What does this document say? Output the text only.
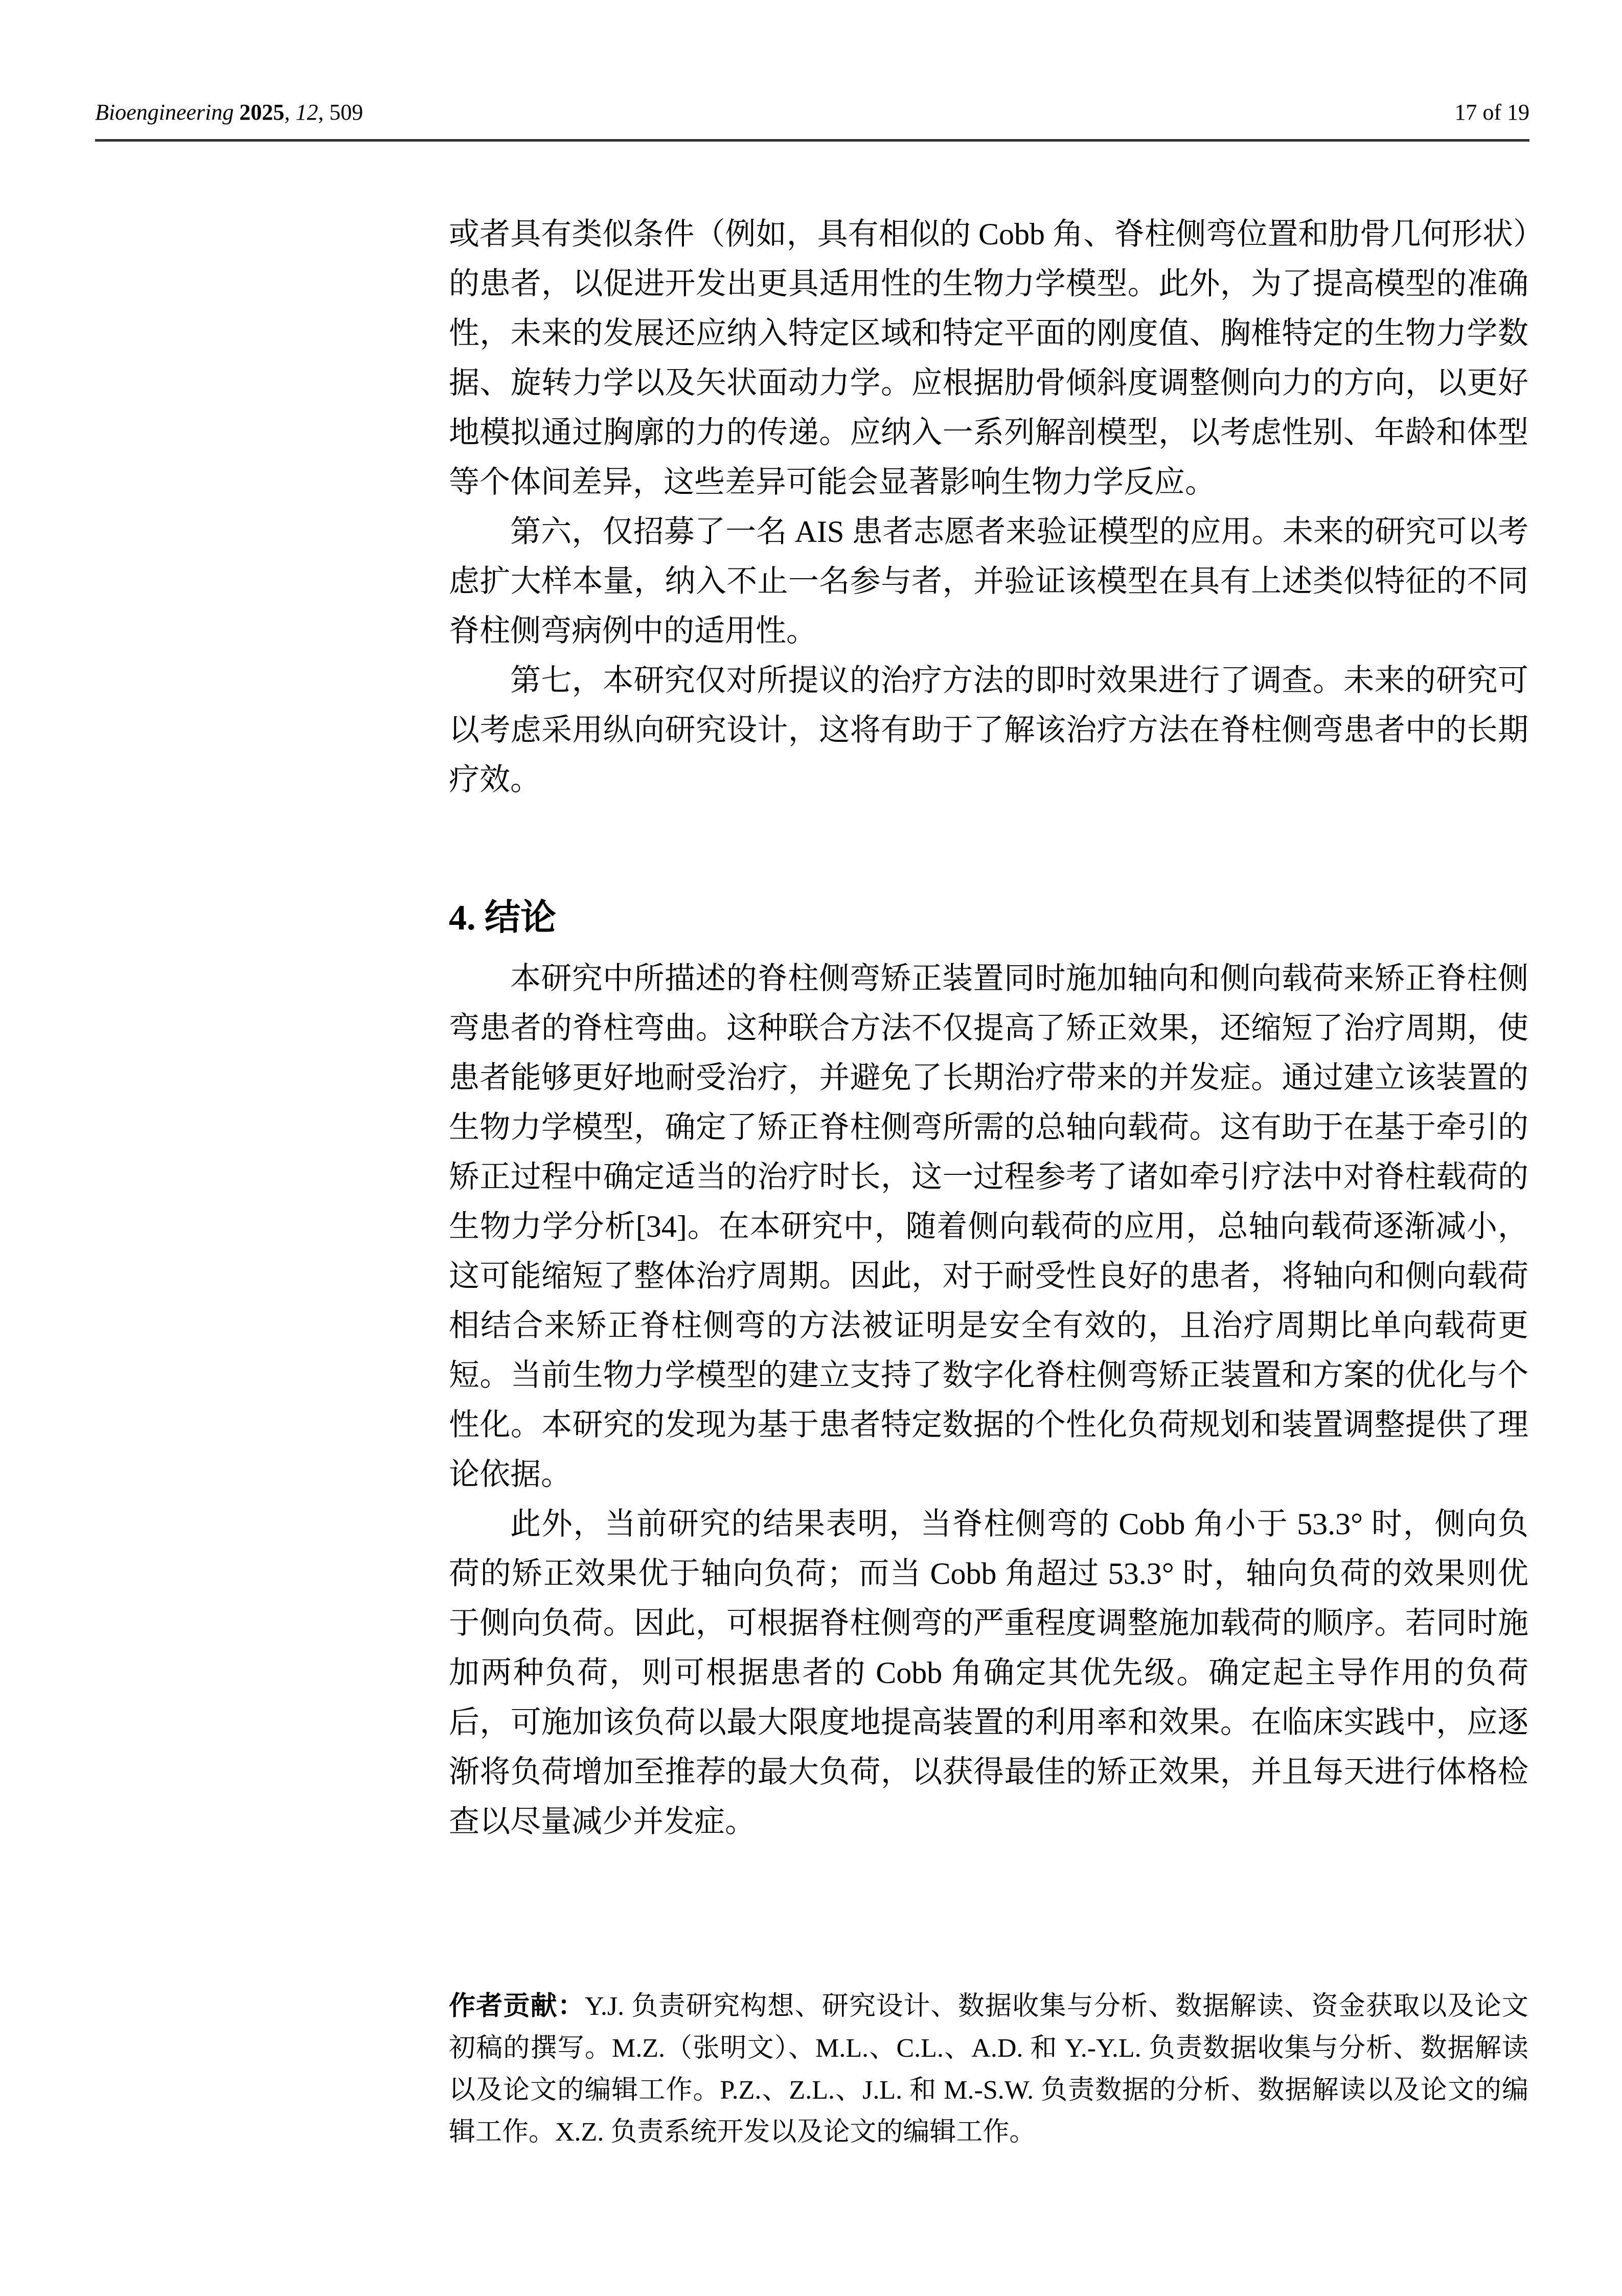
Bioengineering 2025, 12, 509	17 of 19

或者具有类似条件（例如，具有相似的 Cobb 角、脊柱侧弯位置和肋骨几何形状）的患者，以促进开发出更具适用性的生物力学模型。此外，为了提高模型的准确性，未来的发展还应纳入特定区域和特定平面的刚度值、胸椎特定的生物力学数据、旋转力学以及矢状面动力学。应根据肋骨倾斜度调整侧向力的方向，以更好地模拟通过胸廓的力的传递。应纳入一系列解剖模型，以考虑性别、年龄和体型等个体间差异，这些差异可能会显著影响生物力学反应。

第六，仅招募了一名 AIS 患者志愿者来验证模型的应用。未来的研究可以考虑扩大样本量，纳入不止一名参与者，并验证该模型在具有上述类似特征的不同脊柱侧弯病例中的适用性。

第七，本研究仅对所提议的治疗方法的即时效果进行了调查。未来的研究可以考虑采用纵向研究设计，这将有助于了解该治疗方法在脊柱侧弯患者中的长期疗效。

4. 结论

本研究中所描述的脊柱侧弯矫正装置同时施加轴向和侧向载荷来矫正脊柱侧弯患者的脊柱弯曲。这种联合方法不仅提高了矫正效果，还缩短了治疗周期，使患者能够更好地耐受治疗，并避免了长期治疗带来的并发症。通过建立该装置的生物力学模型，确定了矫正脊柱侧弯所需的总轴向载荷。这有助于在基于牵引的矫正过程中确定适当的治疗时长，这一过程参考了诸如牵引疗法中对脊柱载荷的生物力学分析[34]。在本研究中，随着侧向载荷的应用，总轴向载荷逐渐减小，这可能缩短了整体治疗周期。因此，对于耐受性良好的患者，将轴向和侧向载荷相结合来矫正脊柱侧弯的方法被证明是安全有效的，且治疗周期比单向载荷更短。当前生物力学模型的建立支持了数字化脊柱侧弯矫正装置和方案的优化与个性化。本研究的发现为基于患者特定数据的个性化负荷规划和装置调整提供了理论依据。

此外，当前研究的结果表明，当脊柱侧弯的 Cobb 角小于 53.3° 时，侧向负荷的矫正效果优于轴向负荷；而当 Cobb 角超过 53.3° 时，轴向负荷的效果则优于侧向负荷。因此，可根据脊柱侧弯的严重程度调整施加载荷的顺序。若同时施加两种负荷，则可根据患者的 Cobb 角确定其优先级。确定起主导作用的负荷后，可施加该负荷以最大限度地提高装置的利用率和效果。在临床实践中，应逐渐将负荷增加至推荐的最大负荷，以获得最佳的矫正效果，并且每天进行体格检查以尽量减少并发症。

作者贡献：Y.J. 负责研究构想、研究设计、数据收集与分析、数据解读、资金获取以及论文初稿的撰写。M.Z.（张明文）、M.L.、C.L.、A.D. 和 Y.-Y.L. 负责数据收集与分析、数据解读以及论文的编辑工作。P.Z.、Z.L.、J.L. 和 M.-S.W. 负责数据的分析、数据解读以及论文的编辑工作。X.Z. 负责系统开发以及论文的编辑工作。
